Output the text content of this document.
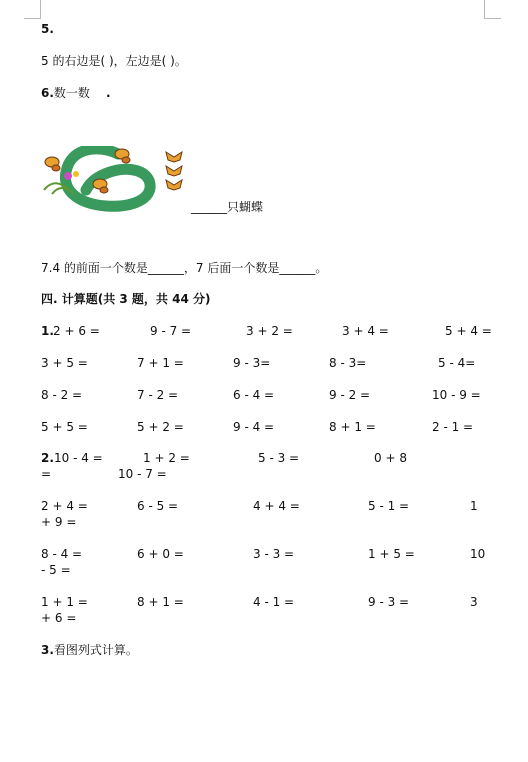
5.
5 的右边是( )，左边是( )。
6.数一数 .
______只蝴蝶
7.4 的前面一个数是______，7 后面一个数是______。
四. 计算题(共 3 题，共 44 分)
1. 2 + 6 =	9 - 7 =	3 + 2 =	3 + 4 =	5 + 4 =
3 + 5 =	7 + 1 =	9 - 3=	8 - 3=	5 - 4=
8 - 2 =	7 - 2 =	6 - 4 =	9 - 2 =	10 - 9 =
5 + 5 =	5 + 2 =	9 - 4 =	8 + 1 =	2 - 1 =
2. 10 - 4 =	1 + 2 =	5 - 3 =	0 + 8
=	10 - 7 =
2 + 4 =	6 - 5 =	4 + 4 =	5 - 1 =	1
+ 9 =
8 - 4 =	6 + 0 =	3 - 3 =	1 + 5 =	10
- 5 =
1 + 1 =	8 + 1 =	4 - 1 =	9 - 3 =	3
+ 6 =
3.看图列式计算。
